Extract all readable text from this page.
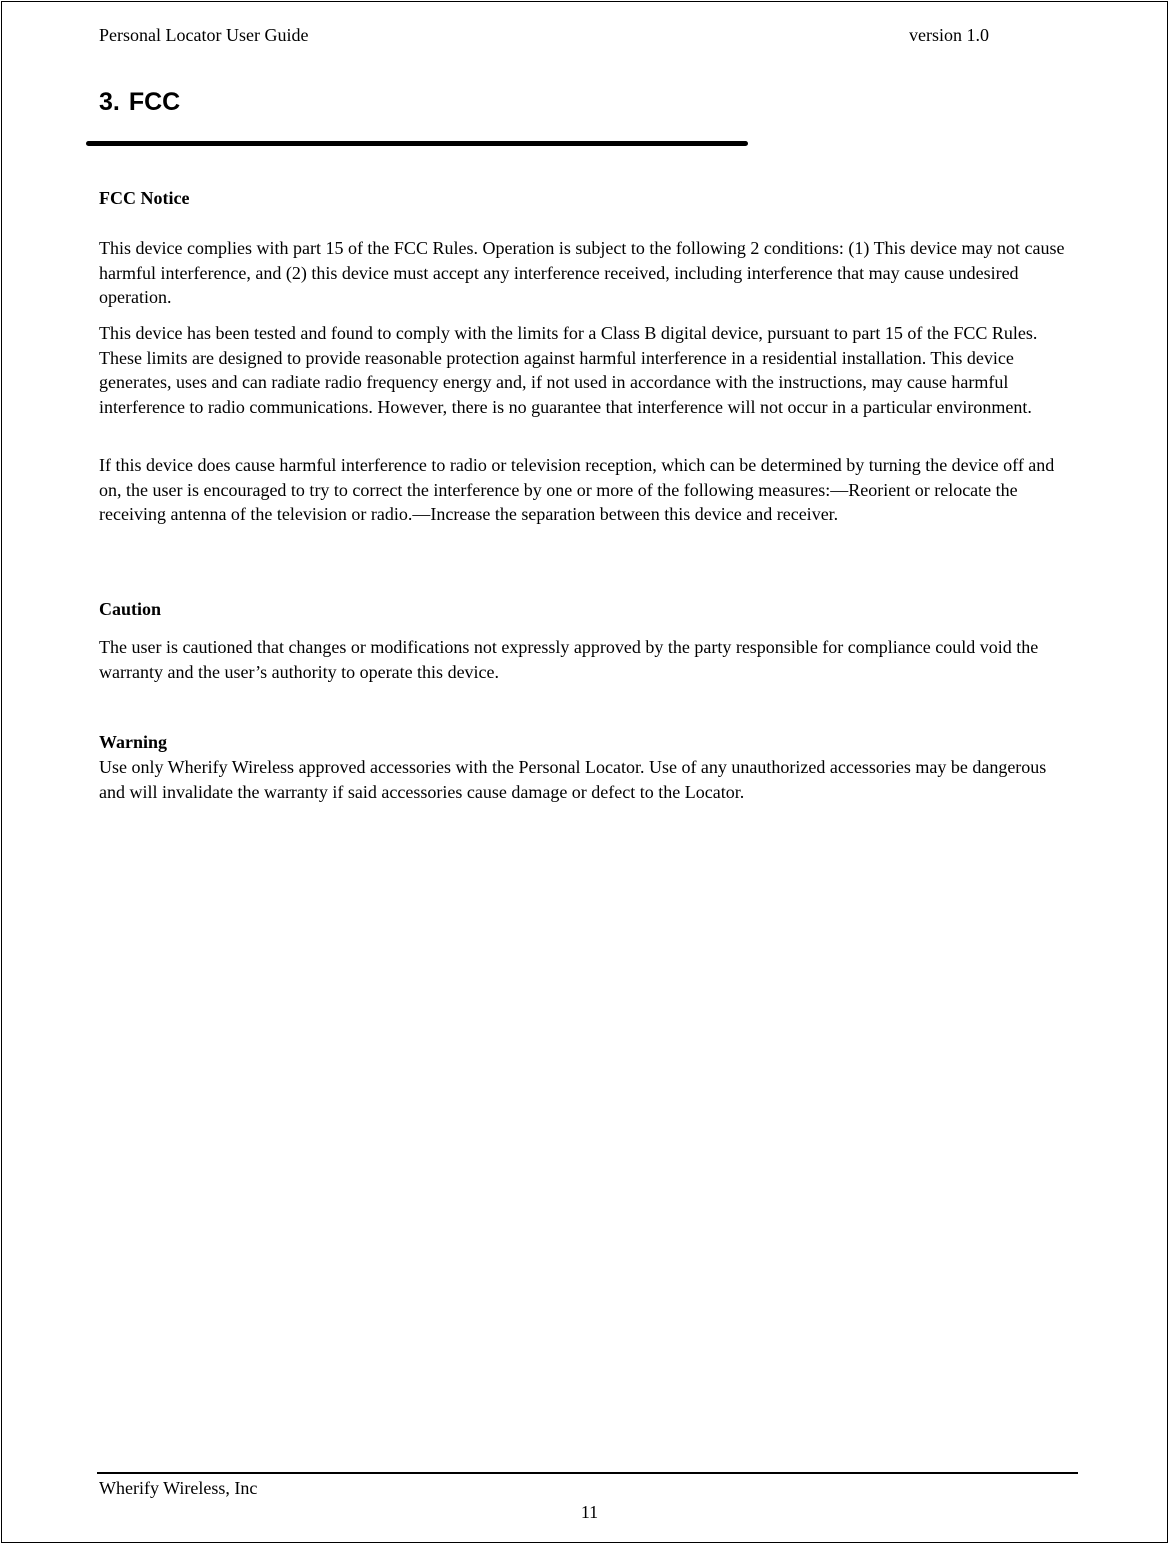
Personal Locator User Guide	version 1.0
3. FCC
FCC Notice
This device complies with part 15 of the FCC Rules. Operation is subject to the following 2 conditions: (1) This device may not cause harmful interference, and (2) this device must accept any interference received, including interference that may cause undesired operation.
This device has been tested and found to comply with the limits for a Class B digital device, pursuant to part 15 of the FCC Rules. These limits are designed to provide reasonable protection against harmful interference in a residential installation. This device generates, uses and can radiate radio frequency energy and, if not used in accordance with the instructions, may cause harmful interference to radio communications. However, there is no guarantee that interference will not occur in a particular environment.
If this device does cause harmful interference to radio or television reception, which can be determined by turning the device off and on, the user is encouraged to try to correct the interference by one or more of the following measures:—Reorient or relocate the receiving antenna of the television or radio.—Increase the separation between this device and receiver.
Caution
The user is cautioned that changes or modifications not expressly approved by the party responsible for compliance could void the warranty and the user’s authority to operate this device.
Warning
Use only Wherify Wireless approved accessories with the Personal Locator. Use of any unauthorized accessories may be dangerous and will invalidate the warranty if said accessories cause damage or defect to the Locator.
Wherify Wireless, Inc
11
